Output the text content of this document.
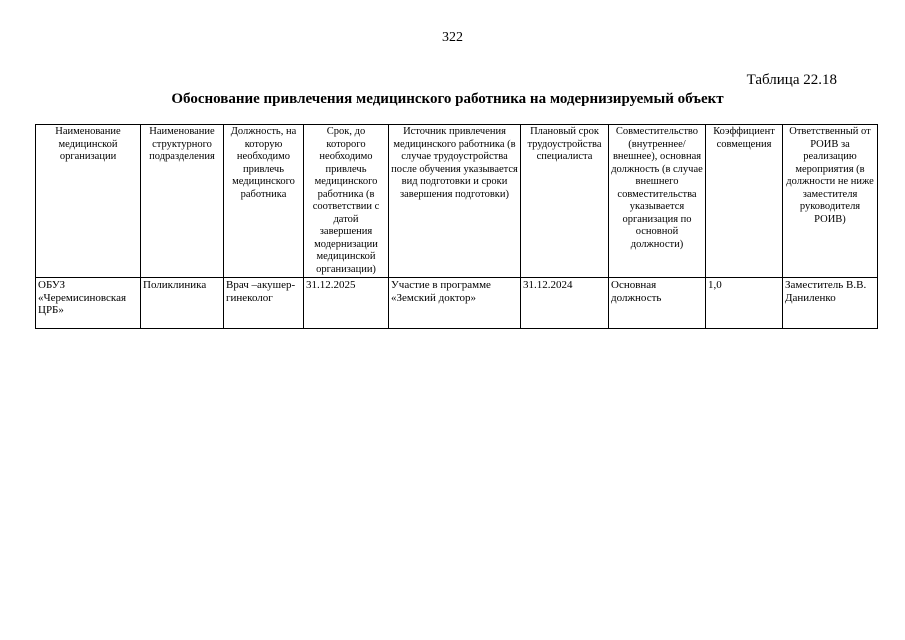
322
Таблица 22.18
Обоснование привлечения медицинского работника на модернизируемый объект
Наименование медицинской организации	Наименование структурного подразделения	Должность, на которую необходимо привлечь медицинского работника	Срок, до которого необходимо привлечь медицинского работника (в соответствии с датой завершения модернизации медицинской организации)	Источник привлечения медицинского работника (в случае трудоустройства после обучения указывается вид подготовки и сроки завершения подготовки)	Плановый срок трудоустройства специалиста	Совместительство (внутреннее/внешнее), основная должность (в случае внешнего совместительства указывается организация по основной должности)	Коэффициент совмещения	Ответственный от РОИВ за реализацию мероприятия (в должности не ниже заместителя руководителя РОИВ)
ОБУЗ «Черемисиновская ЦРБ»	Поликлиника	Врач –акушер-гинеколог	31.12.2025	Участие в программе «Земский доктор»	31.12.2024	Основная должность	1,0	Заместитель В.В. Даниленко
